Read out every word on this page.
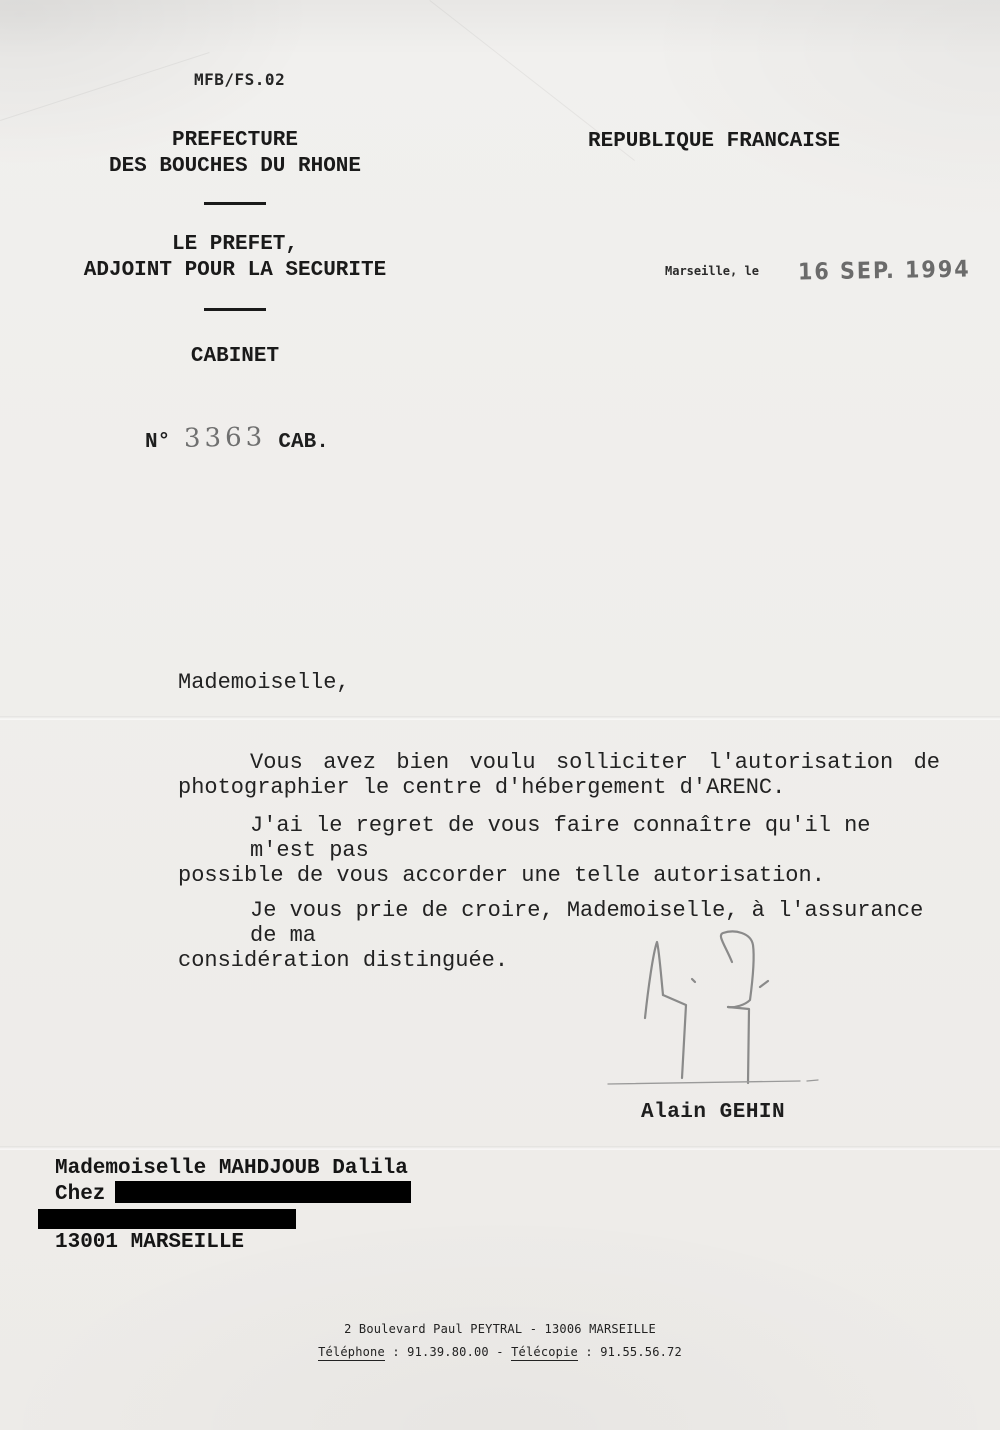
MFB/FS.02
PREFECTURE
DES BOUCHES DU RHONE
LE PREFET,
ADJOINT POUR LA SECURITE
CABINET
N° 3363 CAB.
REPUBLIQUE FRANCAISE
Marseille, le 16 SEP. 1994
Mademoiselle,
Vous avez bien voulu solliciter l'autorisation de
photographier le centre d'hébergement d'ARENC.
J'ai le regret de vous faire connaître qu'il ne m'est pas
possible de vous accorder une telle autorisation.
Je vous prie de croire, Mademoiselle, à l'assurance de ma
considération distinguée.
Alain GEHIN
Mademoiselle MAHDJOUB Dalila
Chez
13001 MARSEILLE
2 Boulevard Paul PEYTRAL - 13006 MARSEILLE
Téléphone : 91.39.80.00 - Télécopie : 91.55.56.72
